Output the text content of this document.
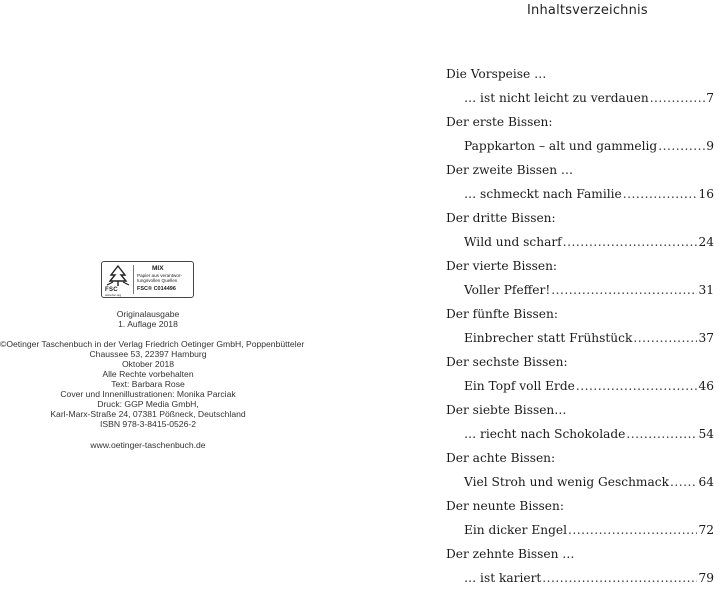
FSC
www.fsc.org
MIX
Papier aus verantwor-tungsvollen Quellen
FSC® C014496
Originalausgabe
1. Auflage 2018
©Oetinger Taschenbuch in der Verlag Friedrich Oetinger GmbH, Poppenbütteler
Chaussee 53, 22397 Hamburg
Oktober 2018
Alle Rechte vorbehalten
Text: Barbara Rose
Cover und Innenillustrationen: Monika Parciak
Druck: GGP Media GmbH,
Karl-Marx-Straße 24, 07381 Pößneck, Deutschland
ISBN 978-3-8415-0526-2
www.oetinger-taschenbuch.de
Inhaltsverzeichnis
Die Vorspeise …
… ist nicht leicht zu verdauen .....	7
Der erste Bissen:
Pappkarton – alt und gammelig .....	9
Der zweite Bissen …
… schmeckt nach Familie .....	16
Der dritte Bissen:
Wild und scharf .....	24
Der vierte Bissen:
Voller Pfeffer! .....	31
Der fünfte Bissen:
Einbrecher statt Frühstück .....	37
Der sechste Bissen:
Ein Topf voll Erde .....	46
Der siebte Bissen…
… riecht nach Schokolade .....	54
Der achte Bissen:
Viel Stroh und wenig Geschmack ..... 64
Der neunte Bissen:
Ein dicker Engel .....	72
Der zehnte Bissen …
… ist kariert .....	79
